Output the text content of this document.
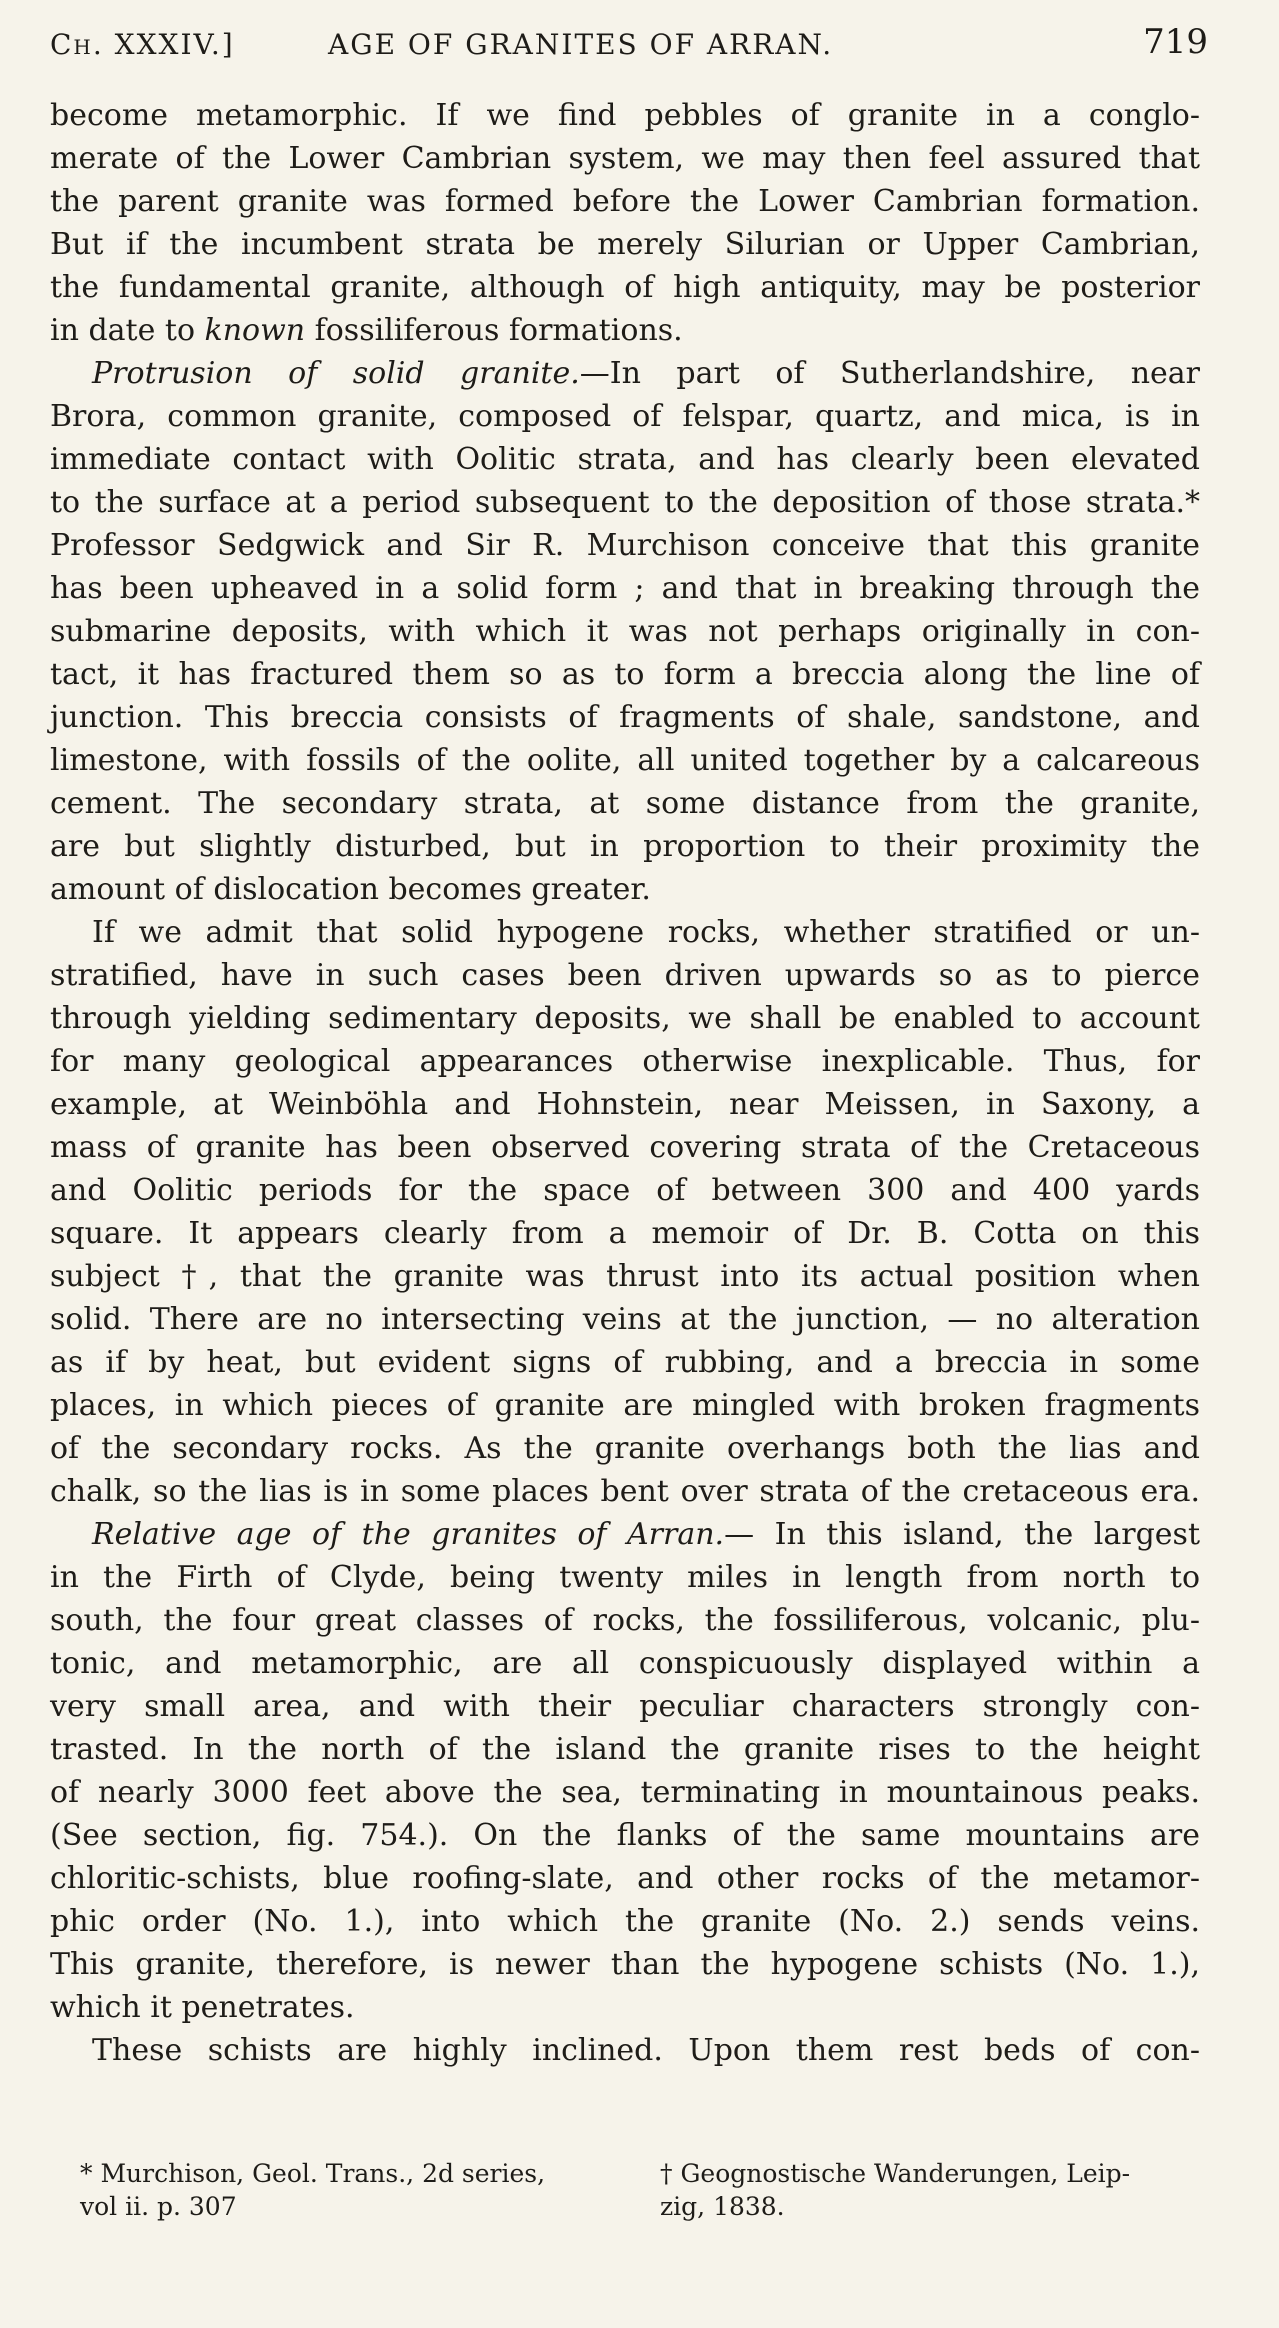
Ch. XXXIV.]	AGE OF GRANITES OF ARRAN.	719
become metamorphic. If we find pebbles of granite in a conglo-
merate of the Lower Cambrian system, we may then feel assured that
the parent granite was formed before the Lower Cambrian formation.
But if the incumbent strata be merely Silurian or Upper Cambrian,
the fundamental granite, although of high antiquity, may be posterior
in date to known fossiliferous formations.
Protrusion of solid granite.—In part of Sutherlandshire, near
Brora, common granite, composed of felspar, quartz, and mica, is in
immediate contact with Oolitic strata, and has clearly been elevated
to the surface at a period subsequent to the deposition of those strata.*
Professor Sedgwick and Sir R. Murchison conceive that this granite
has been upheaved in a solid form ; and that in breaking through the
submarine deposits, with which it was not perhaps originally in con-
tact, it has fractured them so as to form a breccia along the line of
junction. This breccia consists of fragments of shale, sandstone, and
limestone, with fossils of the oolite, all united together by a calcareous
cement. The secondary strata, at some distance from the granite,
are but slightly disturbed, but in proportion to their proximity the
amount of dislocation becomes greater.
If we admit that solid hypogene rocks, whether stratified or un-
stratified, have in such cases been driven upwards so as to pierce
through yielding sedimentary deposits, we shall be enabled to account
for many geological appearances otherwise inexplicable. Thus, for
example, at Weinböhla and Hohnstein, near Meissen, in Saxony, a
mass of granite has been observed covering strata of the Cretaceous
and Oolitic periods for the space of between 300 and 400 yards
square. It appears clearly from a memoir of Dr. B. Cotta on this
subject †, that the granite was thrust into its actual position when
solid. There are no intersecting veins at the junction, — no alteration
as if by heat, but evident signs of rubbing, and a breccia in some
places, in which pieces of granite are mingled with broken fragments
of the secondary rocks. As the granite overhangs both the lias and
chalk, so the lias is in some places bent over strata of the cretaceous era.
Relative age of the granites of Arran.— In this island, the largest
in the Firth of Clyde, being twenty miles in length from north to
south, the four great classes of rocks, the fossiliferous, volcanic, plu-
tonic, and metamorphic, are all conspicuously displayed within a
very small area, and with their peculiar characters strongly con-
trasted. In the north of the island the granite rises to the height
of nearly 3000 feet above the sea, terminating in mountainous peaks.
(See section, fig. 754.). On the flanks of the same mountains are
chloritic-schists, blue roofing-slate, and other rocks of the metamor-
phic order (No. 1.), into which the granite (No. 2.) sends veins.
This granite, therefore, is newer than the hypogene schists (No. 1.),
which it penetrates.
These schists are highly inclined. Upon them rest beds of con-
* Murchison, Geol. Trans., 2d series,
vol ii. p. 307
† Geognostische Wanderungen, Leip-
zig, 1838.
